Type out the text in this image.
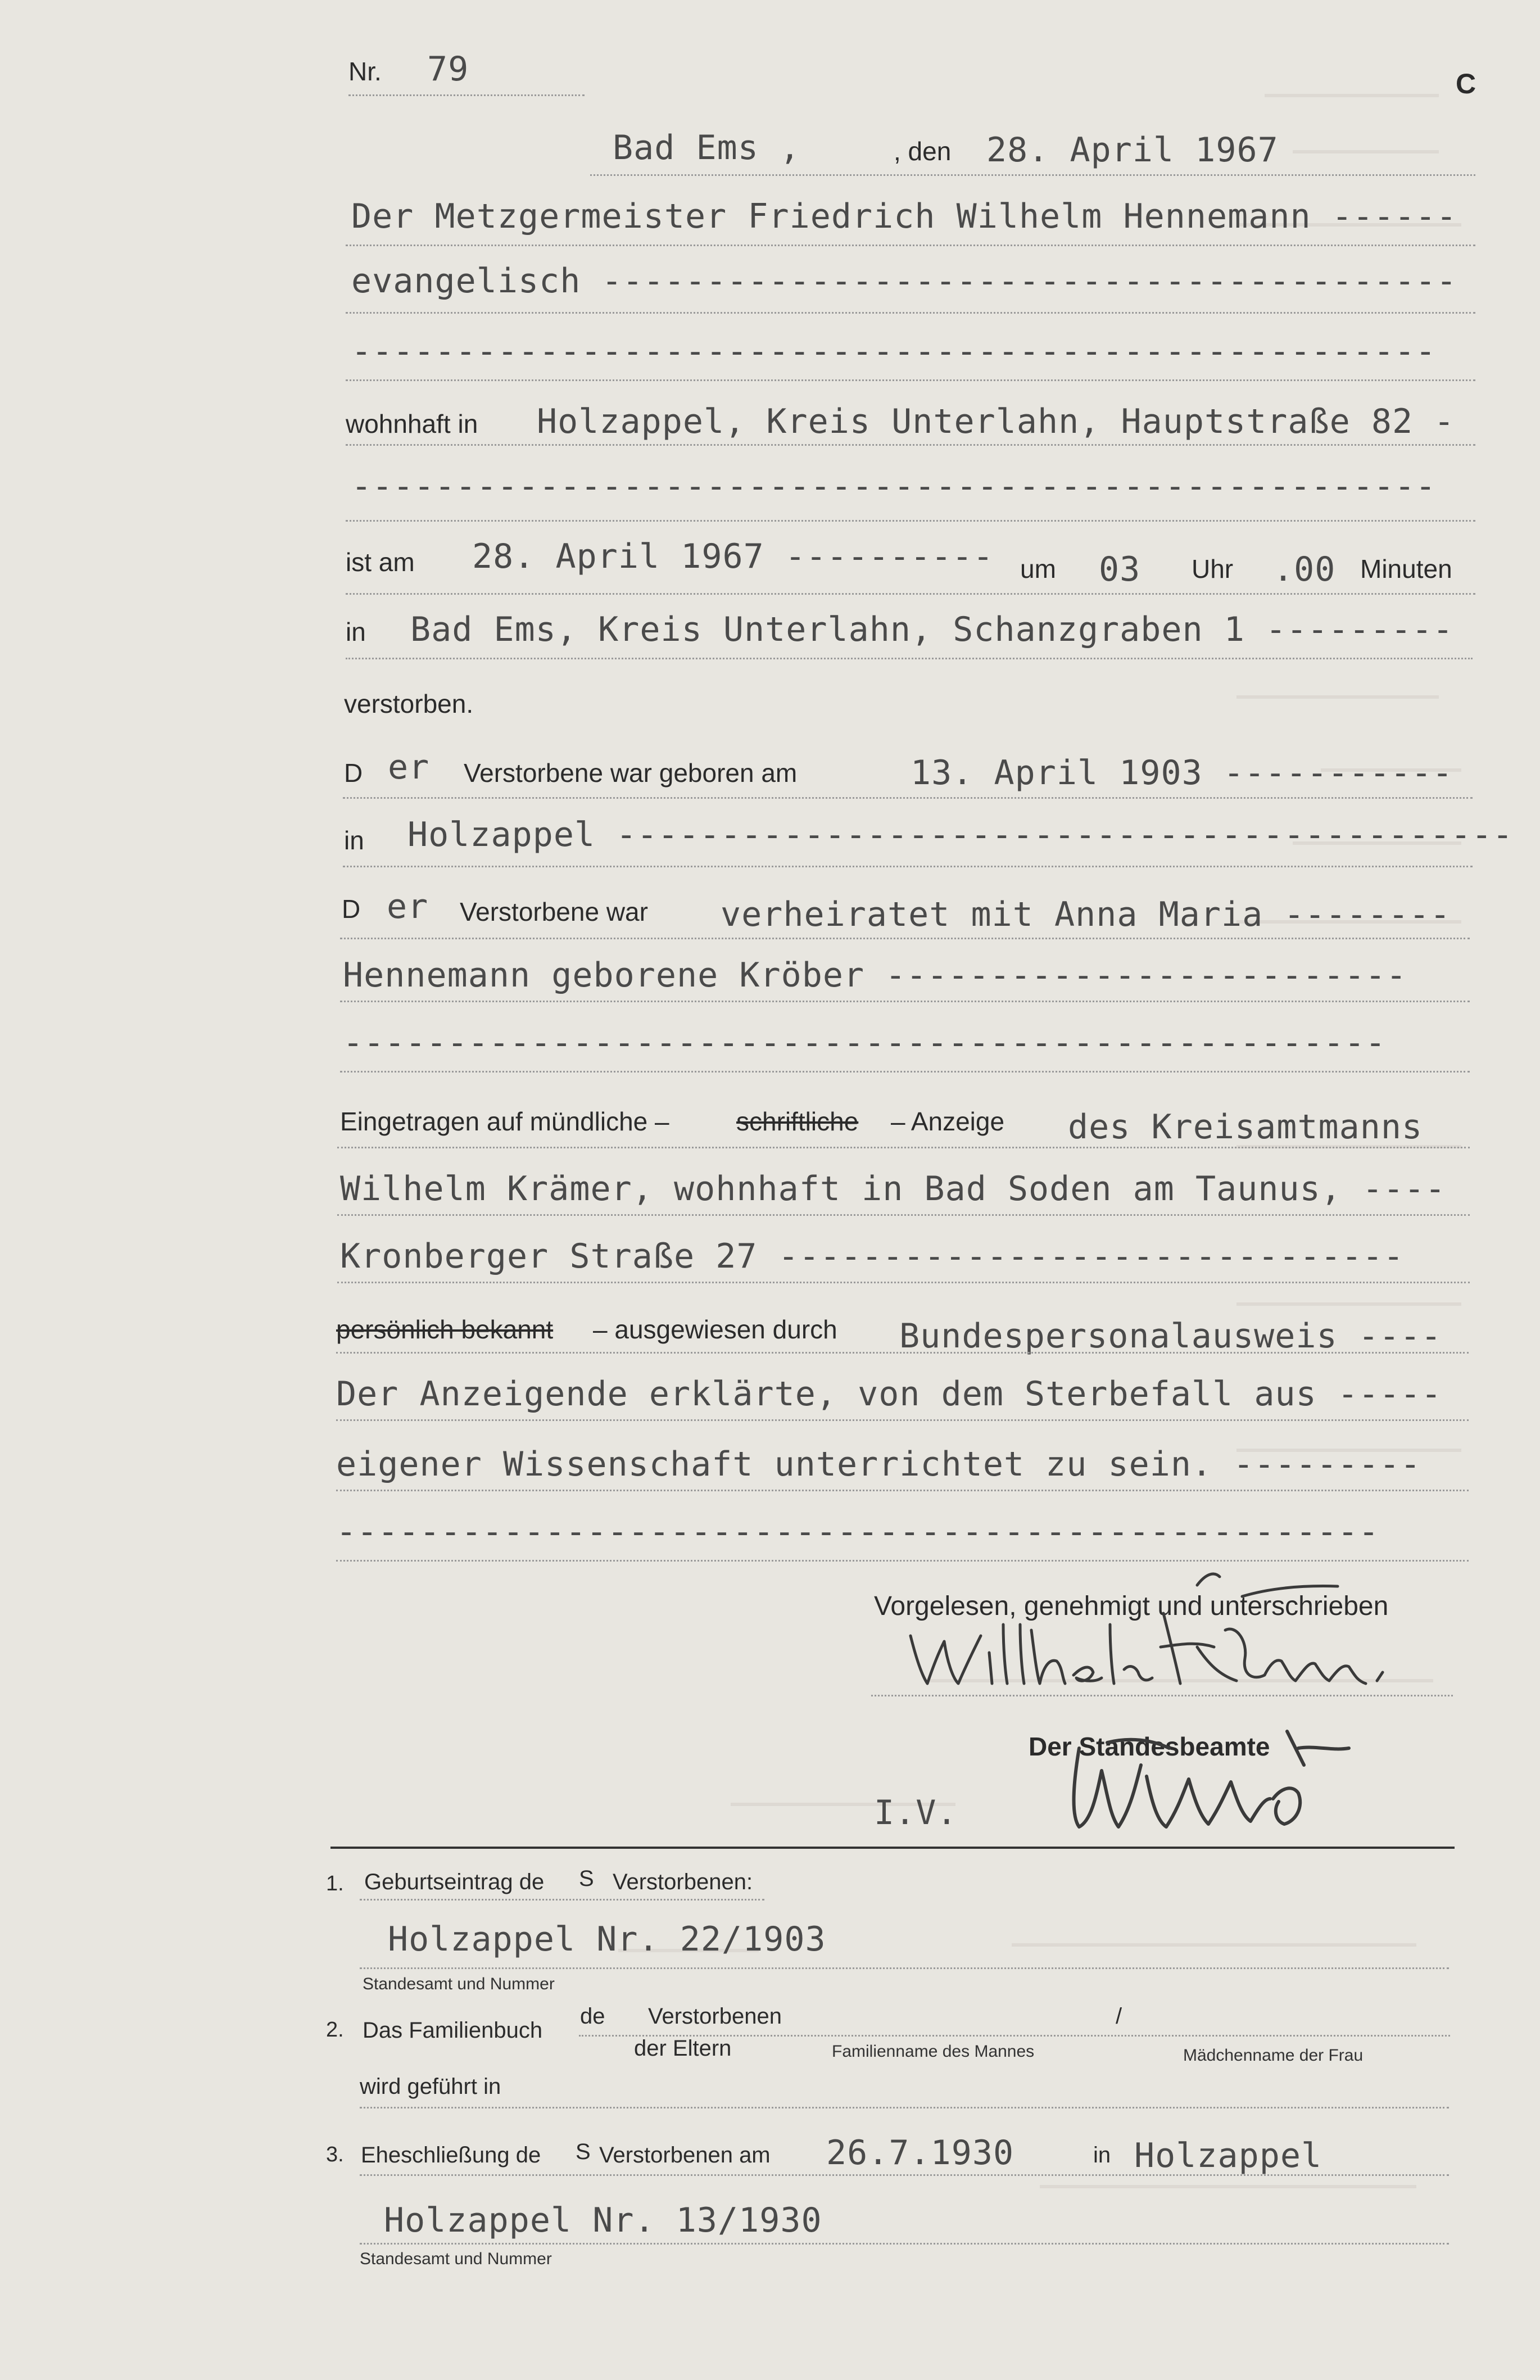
Nr. 79	C
Bad Ems ,	, den 28. April 1967
Der Metzgermeister Friedrich Wilhelm Hennemann ------
evangelisch -----------------------------------------
----------------------------------------------------
wohnhaft in Holzappel, Kreis Unterlahn, Hauptstraße 82 -
----------------------------------------------------
ist am 28. April 1967 ---------- um 03 Uhr .00 Minuten
in Bad Ems, Kreis Unterlahn, Schanzgraben 1 ---------
verstorben.
D er Verstorbene war geboren am	13. April 1903 -----------
in Holzappel -------------------------------------------
D er Verstorbene war verheiratet mit Anna Maria --------
Hennemann geborene Kröber -------------------------
--------------------------------------------------
Eingetragen auf mündliche –	schriftliche – Anzeige des Kreisamtmanns
Wilhelm Krämer, wohnhaft in Bad Soden am Taunus, ----
Kronberger Straße 27 ------------------------------
persönlich bekannt – ausgewiesen durch Bundespersonalausweis ----
Der Anzeigende erklärte, von dem Sterbefall aus -----
eigener Wissenschaft unterrichtet zu sein. ---------
--------------------------------------------------
Vorgelesen, genehmigt und unterschrieben
Der Standesbeamte
I.V.
1. Geburtseintrag de S Verstorbenen:
Holzappel Nr. 22/1903
Standesamt und Nummer
2. Das Familienbuch
de Verstorbenen	/
der Eltern	Familienname des Mannes	Mädchenname der Frau
wird geführt in
3. Eheschließung de S Verstorbenen am 26.7.1930	in Holzappel
Holzappel Nr. 13/1930
Standesamt und Nummer
